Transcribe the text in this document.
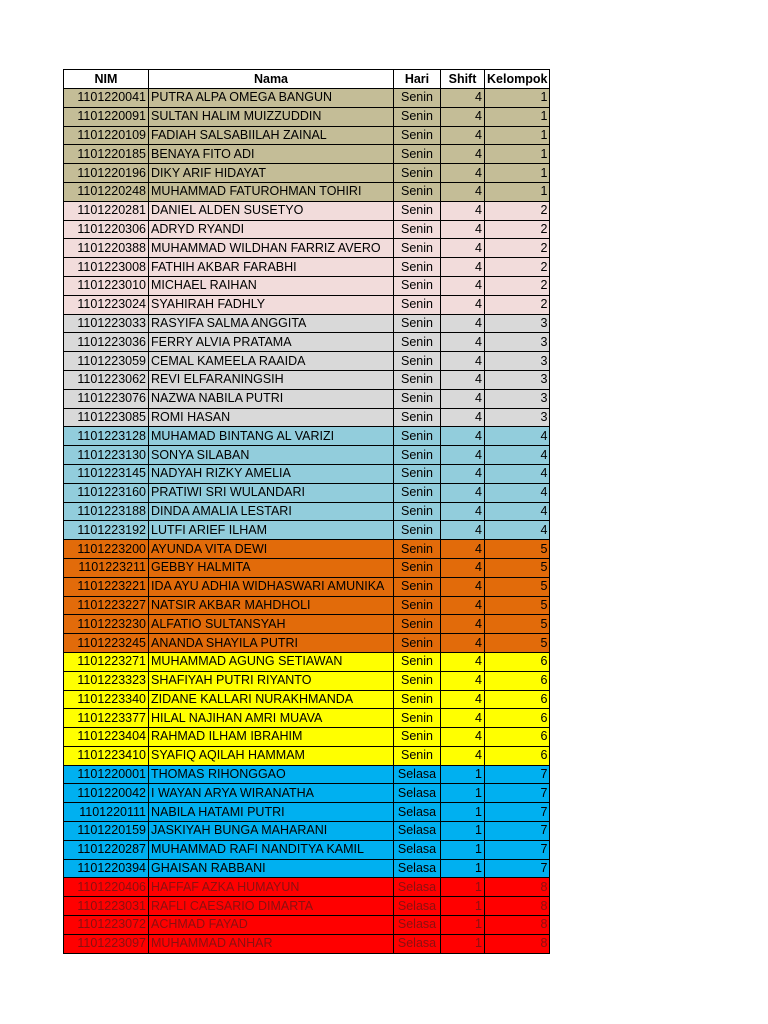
NIM	Nama	Hari	Shift	Kelompok
1101220041	PUTRA ALPA OMEGA BANGUN	Senin	4	1
1101220091	SULTAN HALIM MUIZZUDDIN	Senin	4	1
1101220109	FADIAH SALSABIILAH ZAINAL	Senin	4	1
1101220185	BENAYA FITO ADI	Senin	4	1
1101220196	DIKY ARIF HIDAYAT	Senin	4	1
1101220248	MUHAMMAD FATUROHMAN TOHIRI	Senin	4	1
1101220281	DANIEL ALDEN SUSETYO	Senin	4	2
1101220306	ADRYD RYANDI	Senin	4	2
1101220388	MUHAMMAD WILDHAN FARRIZ AVERO	Senin	4	2
1101223008	FATHIH AKBAR FARABHI	Senin	4	2
1101223010	MICHAEL RAIHAN	Senin	4	2
1101223024	SYAHIRAH FADHLY	Senin	4	2
1101223033	RASYIFA SALMA ANGGITA	Senin	4	3
1101223036	FERRY ALVIA PRATAMA	Senin	4	3
1101223059	CEMAL KAMEELA RAAIDA	Senin	4	3
1101223062	REVI ELFARANINGSIH	Senin	4	3
1101223076	NAZWA NABILA PUTRI	Senin	4	3
1101223085	ROMI HASAN	Senin	4	3
1101223128	MUHAMAD BINTANG AL VARIZI	Senin	4	4
1101223130	SONYA SILABAN	Senin	4	4
1101223145	NADYAH RIZKY AMELIA	Senin	4	4
1101223160	PRATIWI SRI WULANDARI	Senin	4	4
1101223188	DINDA AMALIA LESTARI	Senin	4	4
1101223192	LUTFI ARIEF ILHAM	Senin	4	4
1101223200	AYUNDA VITA DEWI	Senin	4	5
1101223211	GEBBY HALMITA	Senin	4	5
1101223221	IDA AYU ADHIA WIDHASWARI AMUNIKA	Senin	4	5
1101223227	NATSIR AKBAR MAHDHOLI	Senin	4	5
1101223230	ALFATIO SULTANSYAH	Senin	4	5
1101223245	ANANDA SHAYILA PUTRI	Senin	4	5
1101223271	MUHAMMAD AGUNG SETIAWAN	Senin	4	6
1101223323	SHAFIYAH PUTRI RIYANTO	Senin	4	6
1101223340	ZIDANE KALLARI NURAKHMANDA	Senin	4	6
1101223377	HILAL NAJIHAN AMRI MUAVA	Senin	4	6
1101223404	RAHMAD ILHAM IBRAHIM	Senin	4	6
1101223410	SYAFIQ AQILAH HAMMAM	Senin	4	6
1101220001	THOMAS RIHONGGAO	Selasa	1	7
1101220042	I WAYAN ARYA WIRANATHA	Selasa	1	7
1101220111	NABILA HATAMI PUTRI	Selasa	1	7
1101220159	JASKIYAH BUNGA MAHARANI	Selasa	1	7
1101220287	MUHAMMAD RAFI NANDITYA KAMIL	Selasa	1	7
1101220394	GHAISAN RABBANI	Selasa	1	7
1101220406	HAFFAF AZKA HUMAYUN	Selasa	1	8
1101223031	RAFLI CAESARIO DIMARTA	Selasa	1	8
1101223072	ACHMAD FAYAD	Selasa	1	8
1101223097	MUHAMMAD ANHAR	Selasa	1	8
